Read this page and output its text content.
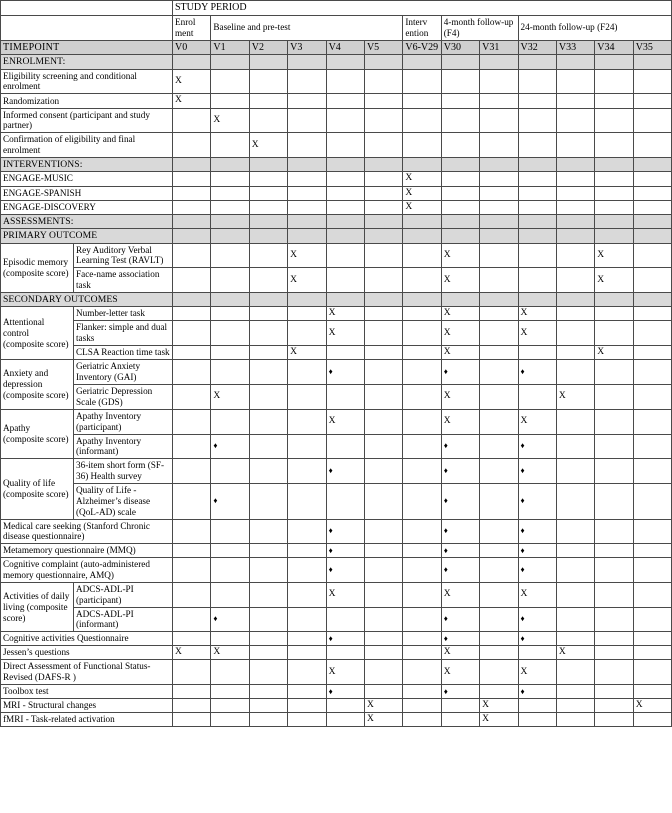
		STUDY PERIOD												
		Enrol ment	Baseline and pre-test					Interv ention	4-month follow-up (F4)		24-month follow-up (F24)			
TIMEPOINT		V0	V1	V2	V3	V4	V5	V6-V29	V30	V31	V32	V33	V34	V35
ENROLMENT:														
Eligibility screening and conditional enrolment		X												
Randomization		X												
Informed consent (participant and study partner)			X											
Confirmation of eligibility and final enrolment				X										
INTERVENTIONS:														
ENGAGE-MUSIC								X						
ENGAGE-SPANISH								X						
ENGAGE-DISCOVERY								X						
ASSESSMENTS:														
PRIMARY OUTCOME														
Episodic memory (composite score)	Rey Auditory Verbal Learning Test (RAVLT)				X				X				X	
	Face-name association task				X				X				X	
SECONDARY OUTCOMES														
Attentional control (composite score)	Number-letter task					X			X		X			
	Flanker: simple and dual tasks					X			X		X			
	CLSA Reaction time task				X				X				X	
Anxiety and depression (composite score)	Geriatric Anxiety Inventory (GAI)					♦			♦		♦			
	Geriatric Depression Scale (GDS)		X						X			X		
Apathy (composite score)	Apathy Inventory (participant)					X			X		X			
	Apathy Inventory (informant)		♦						♦		♦			
Quality of life (composite score)	36-item short form (SF-36) Health survey					♦			♦		♦			
	Quality of Life - Alzheimer’s disease (QoL-AD) scale		♦						♦		♦			
Medical care seeking (Stanford Chronic disease questionnaire)						♦			♦		♦			
Metamemory questionnaire (MMQ)						♦			♦		♦			
Cognitive complaint (auto-administered memory questionnaire, AMQ)						♦			♦		♦			
Activities of daily living (composite score)	ADCS-ADL-PI (participant)					X			X		X			
	ADCS-ADL-PI (informant)		♦						♦		♦			
Cognitive activities Questionnaire						♦			♦		♦			
Jessen’s questions		X	X						X			X		
Direct Assessment of Functional Status-Revised (DAFS-R )						X			X		X			
Toolbox test						♦			♦		♦			
MRI - Structural changes							X			X				X
fMRI - Task-related activation							X			X				
